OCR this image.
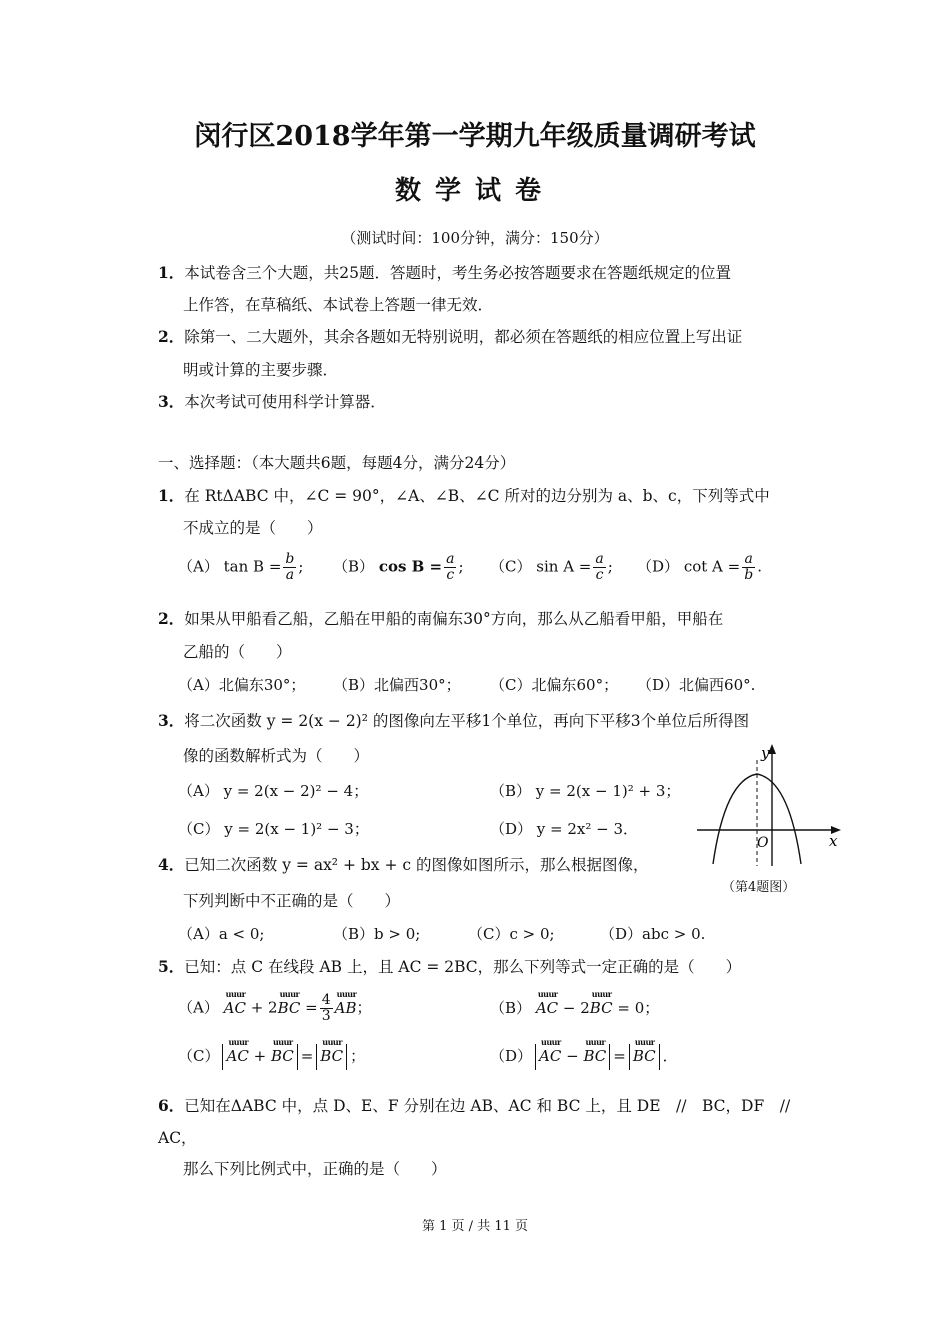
闵行区2018学年第一学期九年级质量调研考试
数学试卷
（测试时间：100分钟，满分：150分）
1．本试卷含三个大题，共25题．答题时，考生务必按答题要求在答题纸规定的位置
上作答，在草稿纸、本试卷上答题一律无效．
2．除第一、二大题外，其余各题如无特别说明，都必须在答题纸的相应位置上写出证
明或计算的主要步骤．
3．本次考试可使用科学计算器．
一、选择题：（本大题共6题，每题4分，满分24分）
1．在 RtΔABC 中，∠C = 90°，∠A、∠B、∠C 所对的边分别为 a、b、c，下列等式中
不成立的是（　　）
（A） $\tan B = \frac{b}{a}$ ; （B） $\cos B = \frac{a}{c}$ ; （C） $\sin A = \frac{a}{c}$ ; （D） $\cot A = \frac{a}{b}$ .
2．如果从甲船看乙船，乙船在甲船的南偏东30°方向，那么从乙船看甲船，甲船在
乙船的（　　）
（A）北偏东30°； （B）北偏西30°； （C）北偏东60°； （D）北偏西60°.
3．将二次函数 y = 2(x − 2)² 的图像向左平移1个单位，再向下平移3个单位后所得图
像的函数解析式为（　　）
（A） y = 2(x − 2)² − 4；	（B） y = 2(x − 1)² + 3；
（C） y = 2(x − 1)² − 3；	（D） y = 2x² − 3．
y
x
O
（第4题图）
4．已知二次函数 y = ax² + bx + c 的图像如图所示，那么根据图像，
下列判断中不正确的是（　　）
（A）a < 0;	（B）b > 0;	（C）c > 0;	（D）abc > 0.
5．已知：点 C 在线段 AB 上，且 AC = 2BC，那么下列等式一定正确的是（　　）
（A） uuur AC + 2uuur BC = $\frac{4}{3}$ uuur AB；	（B） uuur AC − 2uuur BC = 0；
（C） uuur AC + uuur BC = uuur BC ；	（D） uuur AC − uuur BC = uuur BC ．
6．已知在ΔABC 中，点 D、E、F 分别在边 AB、AC 和 BC 上，且 DE　//　BC，DF　//
AC，
那么下列比例式中，正确的是（　　）
第 1 页 / 共 11 页
